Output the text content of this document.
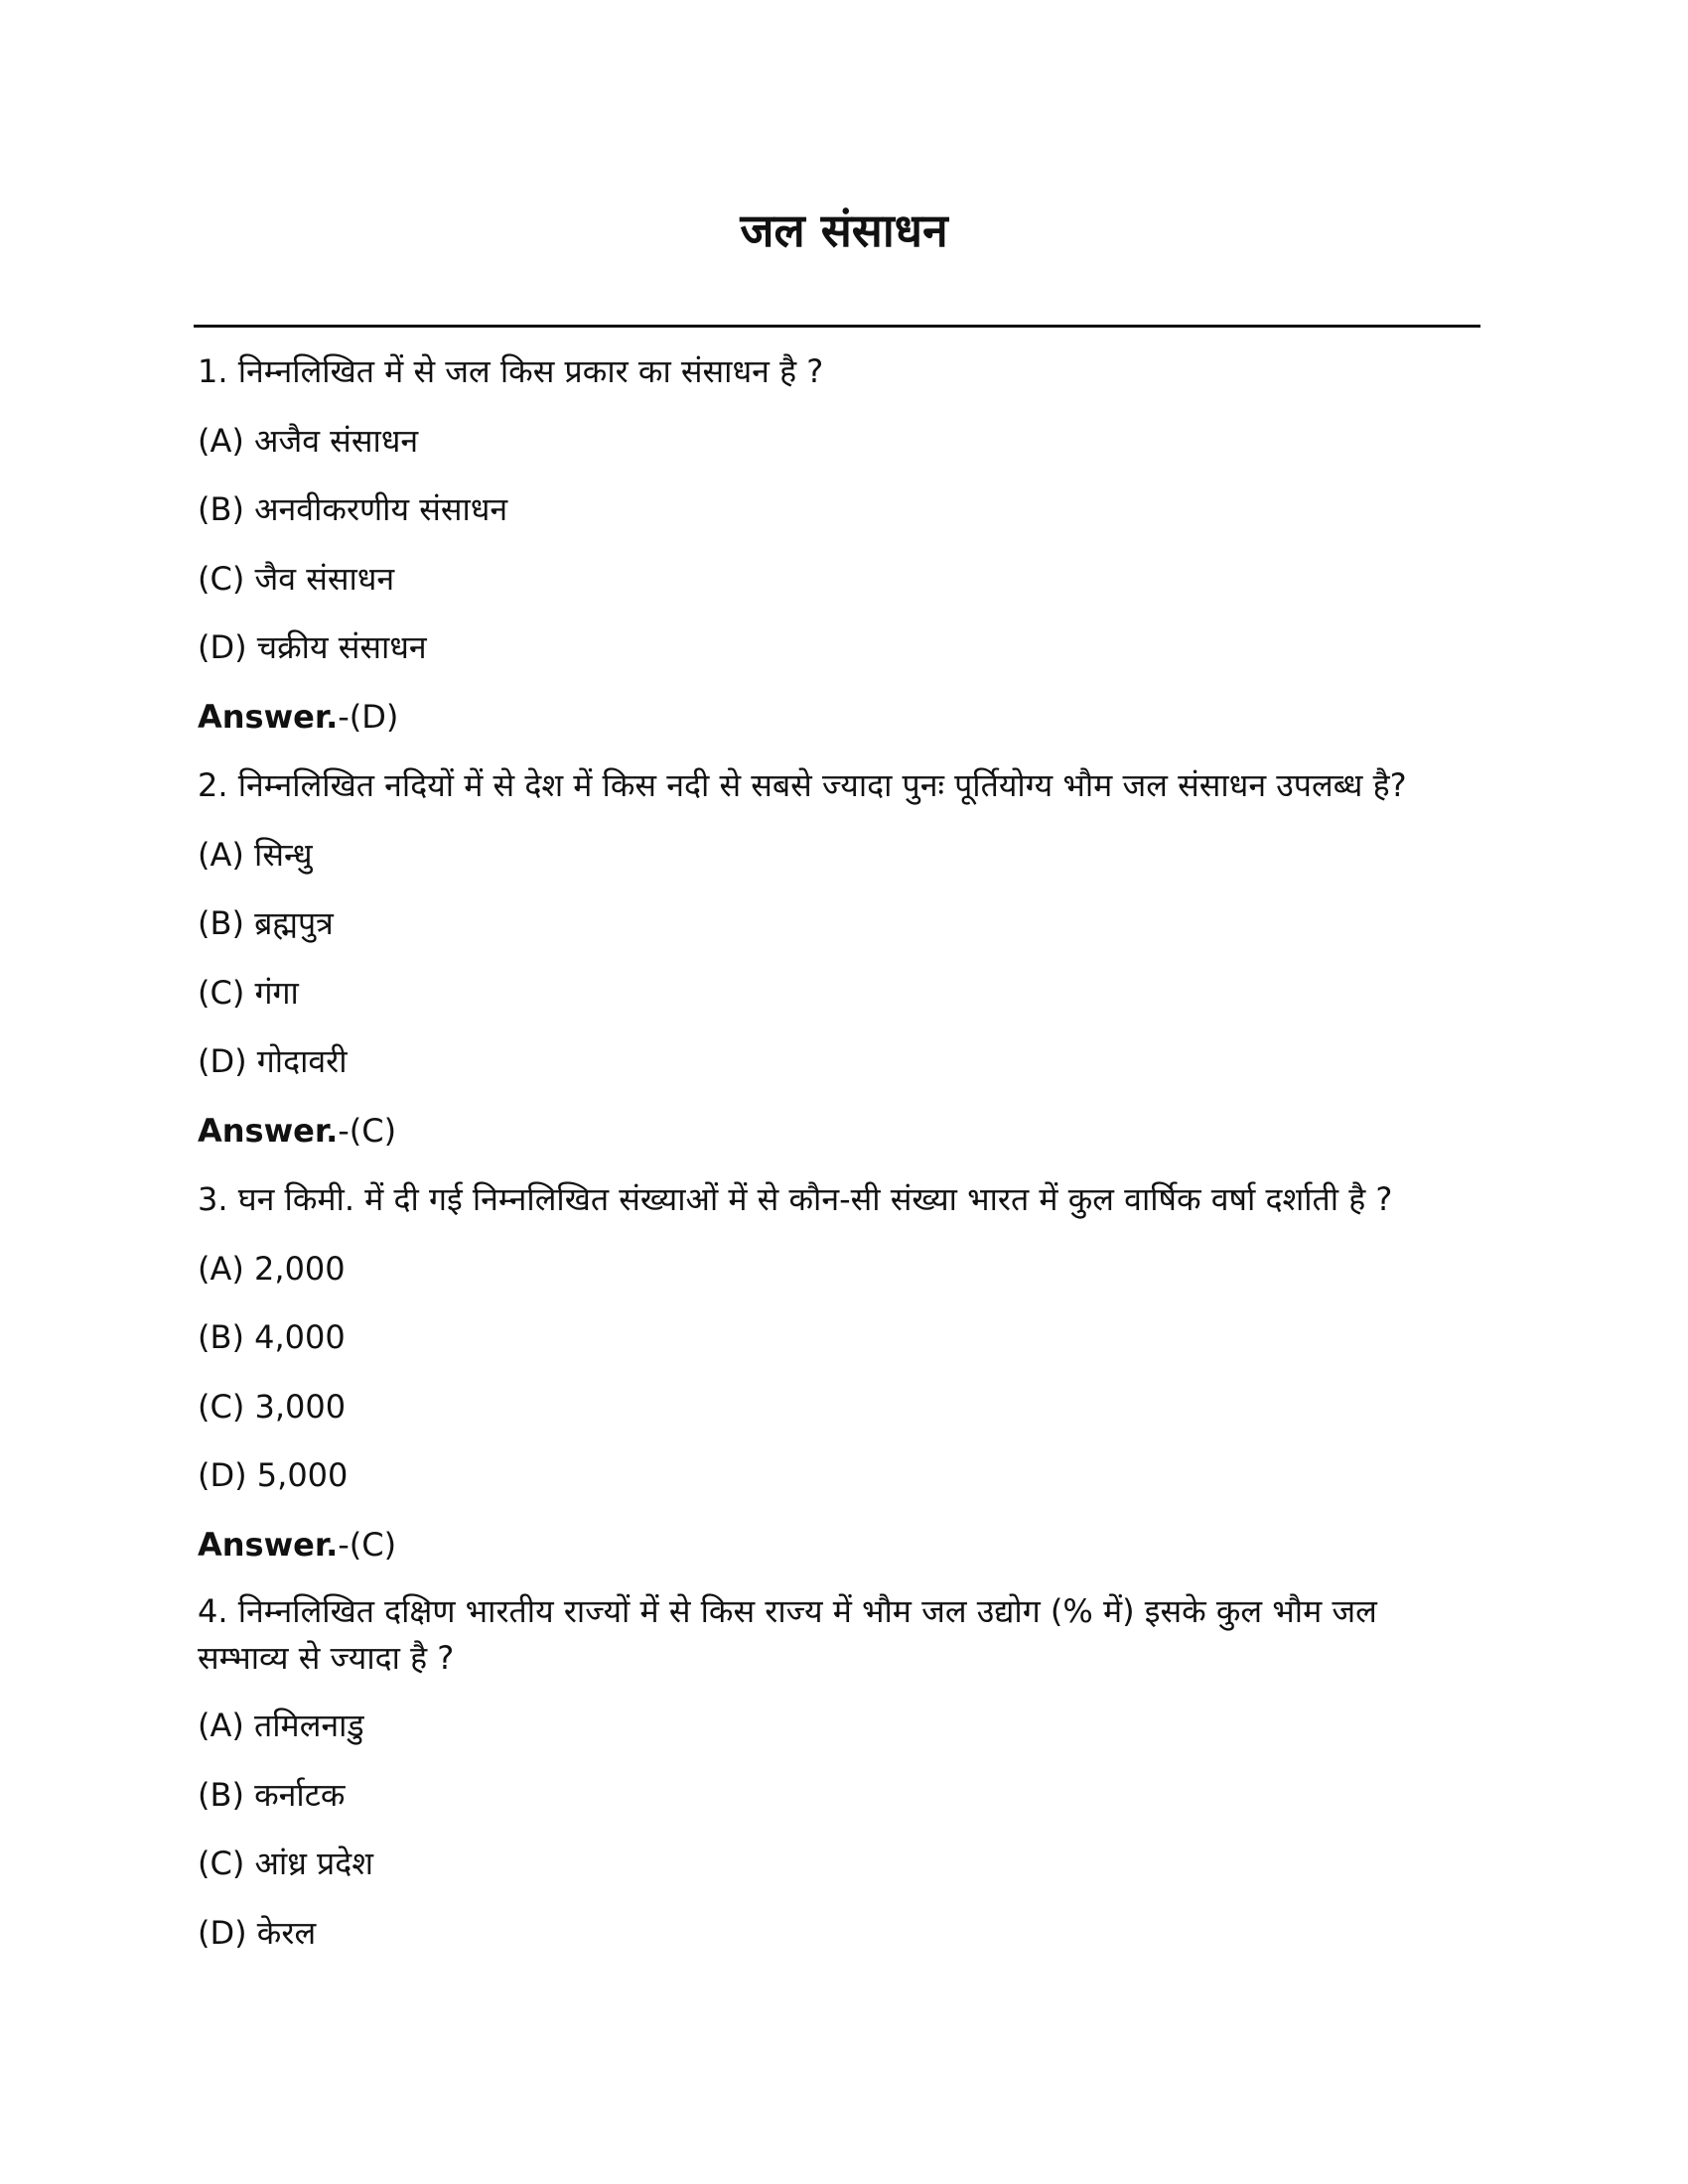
जल संसाधन
1. निम्नलिखित में से जल किस प्रकार का संसाधन है ?
(A) अजैव संसाधन
(B) अनवीकरणीय संसाधन
(C) जैव संसाधन
(D) चक्रीय संसाधन
Answer.-(D)
2. निम्नलिखित नदियों में से देश में किस नदी से सबसे ज्यादा पुनः पूर्तियोग्य भौम जल संसाधन उपलब्ध है?
(A) सिन्धु
(B) ब्रह्मपुत्र
(C) गंगा
(D) गोदावरी
Answer.-(C)
3. घन किमी. में दी गई निम्नलिखित संख्याओं में से कौन-सी संख्या भारत में कुल वार्षिक वर्षा दर्शाती है ?
(A) 2,000
(B) 4,000
(C) 3,000
(D) 5,000
Answer.-(C)
4. निम्नलिखित दक्षिण भारतीय राज्यों में से किस राज्य में भौम जल उद्योग (% में) इसके कुल भौम जल
सम्भाव्य से ज्यादा है ?
(A) तमिलनाडु
(B) कर्नाटक
(C) आंध्र प्रदेश
(D) केरल
